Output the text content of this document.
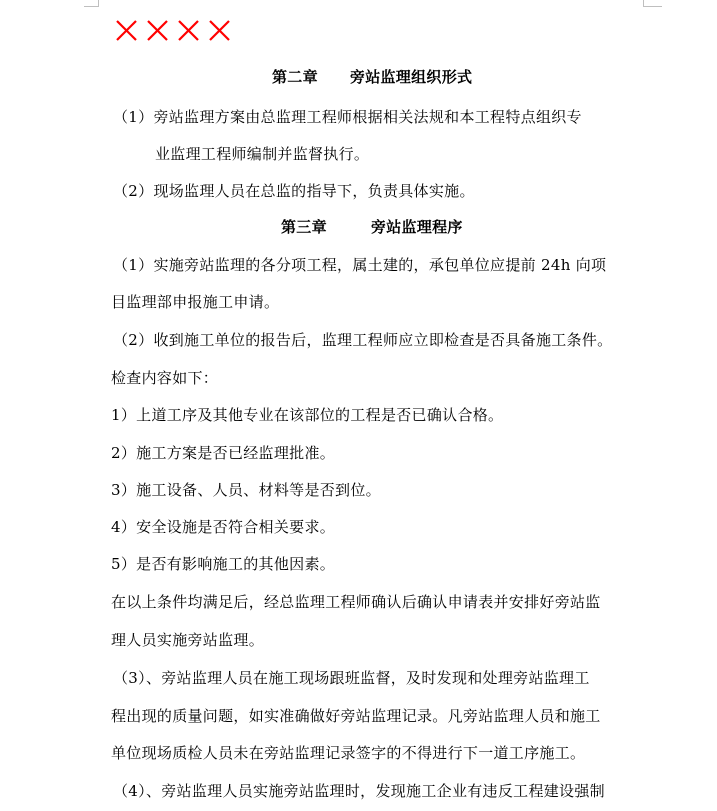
第二章 旁站监理组织形式
（1）旁站监理方案由总监理工程师根据相关法规和本工程特点组织专
业监理工程师编制并监督执行。
（2）现场监理人员在总监的指导下，负责具体实施。
第三章	旁站监理程序
（1）实施旁站监理的各分项工程，属土建的，承包单位应提前 24h 向项
目监理部申报施工申请。
（2）收到施工单位的报告后，监理工程师应立即检查是否具备施工条件。
检查内容如下：
1）上道工序及其他专业在该部位的工程是否已确认合格。
2）施工方案是否已经监理批准。
3）施工设备、人员、材料等是否到位。
4）安全设施是否符合相关要求。
5）是否有影响施工的其他因素。
在以上条件均满足后，经总监理工程师确认后确认申请表并安排好旁站监
理人员实施旁站监理。
（3）、旁站监理人员在施工现场跟班监督，及时发现和处理旁站监理工
程出现的质量问题，如实准确做好旁站监理记录。凡旁站监理人员和施工
单位现场质检人员未在旁站监理记录签字的不得进行下一道工序施工。
（4）、旁站监理人员实施旁站监理时，发现施工企业有违反工程建设强制
